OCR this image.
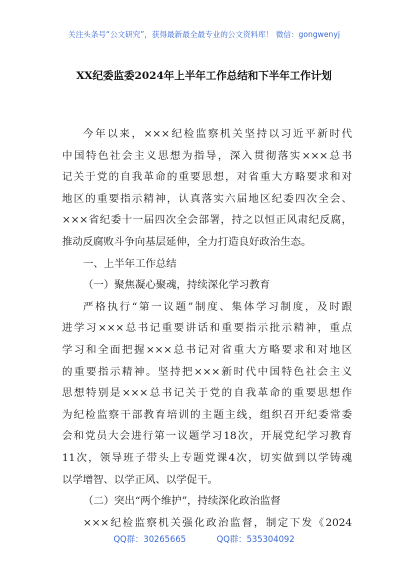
关注头条号“公文研究”，获得最新最全最专业的公文资料库！ 微信：gongwenyj
XX纪委监委2024年上半年工作总结和下半年工作计划
今年以来，×××纪检监察机关坚持以习近平新时代
中国特色社会主义思想为指导，深入贯彻落实×××总书
记关于党的自我革命的重要思想，对省重大方略要求和对
地区的重要指示精神，认真落实六届地区纪委四次全会、
×××省纪委十一届四次全会部署，持之以恒正风肃纪反腐，
推动反腐败斗争向基层延伸，全力打造良好政治生态。
一、上半年工作总结
（一）聚焦凝心聚魂，持续深化学习教育
严格执行“第一议题”制度、集体学习制度，及时跟
进学习×××总书记重要讲话和重要指示批示精神，重点
学习和全面把握×××总书记对省重大方略要求和对地区
的重要指示精神。坚持把×××新时代中国特色社会主义
思想特别是×××总书记关于党的自我革命的重要思想作
为纪检监察干部教育培训的主题主线，组织召开纪委常委
会和党员大会进行第一议题学习18次，开展党纪学习教育
11次，领导班子带头上专题党课4次，切实做到以学铸魂
以学增智、以学正风、以学促干。
（二）突出“两个维护”，持续深化政治监督
×××纪检监察机关强化政治监督，制定下发《2024
QQ群：30265665	QQ群：535304092
